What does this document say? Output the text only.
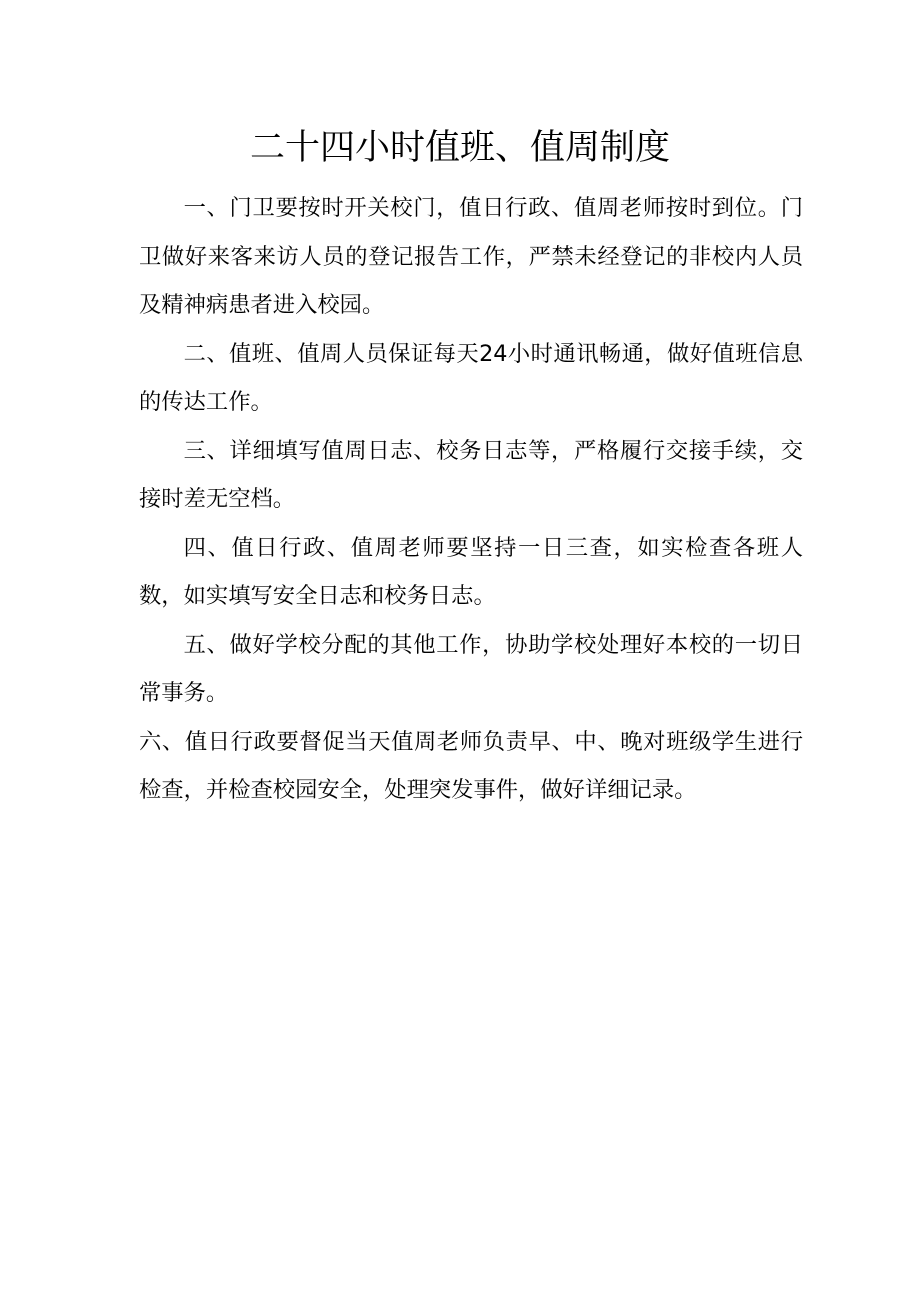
二十四小时值班、值周制度

一、门卫要按时开关校门，值日行政、值周老师按时到位。门卫做好来客来访人员的登记报告工作，严禁未经登记的非校内人员及精神病患者进入校园。

二、值班、值周人员保证每天24小时通讯畅通，做好值班信息的传达工作。

三、详细填写值周日志、校务日志等，严格履行交接手续，交接时差无空档。

四、值日行政、值周老师要坚持一日三查，如实检查各班人数，如实填写安全日志和校务日志。

五、做好学校分配的其他工作，协助学校处理好本校的一切日常事务。

六、值日行政要督促当天值周老师负责早、中、晚对班级学生进行检查，并检查校园安全，处理突发事件，做好详细记录。
